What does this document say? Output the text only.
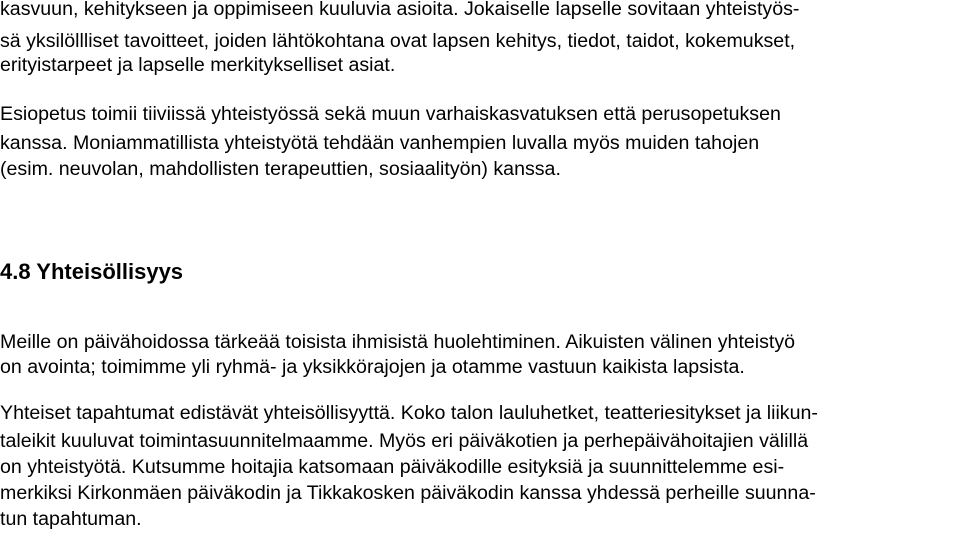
kasvuun, kehitykseen ja oppimiseen kuuluvia asioita. Jokaiselle lapselle sovitaan yhteistyös-
sä yksilöllliset tavoitteet, joiden lähtökohtana ovat lapsen kehitys, tiedot, taidot, kokemukset,
erityistarpeet ja lapselle merkitykselliset asiat.
Esiopetus toimii tiiviissä yhteistyössä sekä muun varhaiskasvatuksen että perusopetuksen
kanssa. Moniammatillista yhteistyötä tehdään vanhempien luvalla myös muiden tahojen
(esim. neuvolan, mahdollisten terapeuttien, sosiaalityön) kanssa.
4.8 Yhteisöllisyys
Meille on päivähoidossa tärkeää toisista ihmisistä huolehtiminen. Aikuisten välinen yhteistyö
on avointa; toimimme yli ryhmä- ja yksikkörajojen ja otamme vastuun kaikista lapsista.
Yhteiset tapahtumat edistävät yhteisöllisyyttä. Koko talon lauluhetket, teatteriesitykset ja liikun-
taleikit kuuluvat toimintasuunnitelmaamme. Myös eri päiväkotien ja perhepäivähoitajien välillä
on yhteistyötä. Kutsumme hoitajia katsomaan päiväkodille esityksiä ja suunnittelemme esi-
merkiksi Kirkonmäen päiväkodin ja Tikkakosken päiväkodin kanssa yhdessä perheille suunna-
tun tapahtuman.
